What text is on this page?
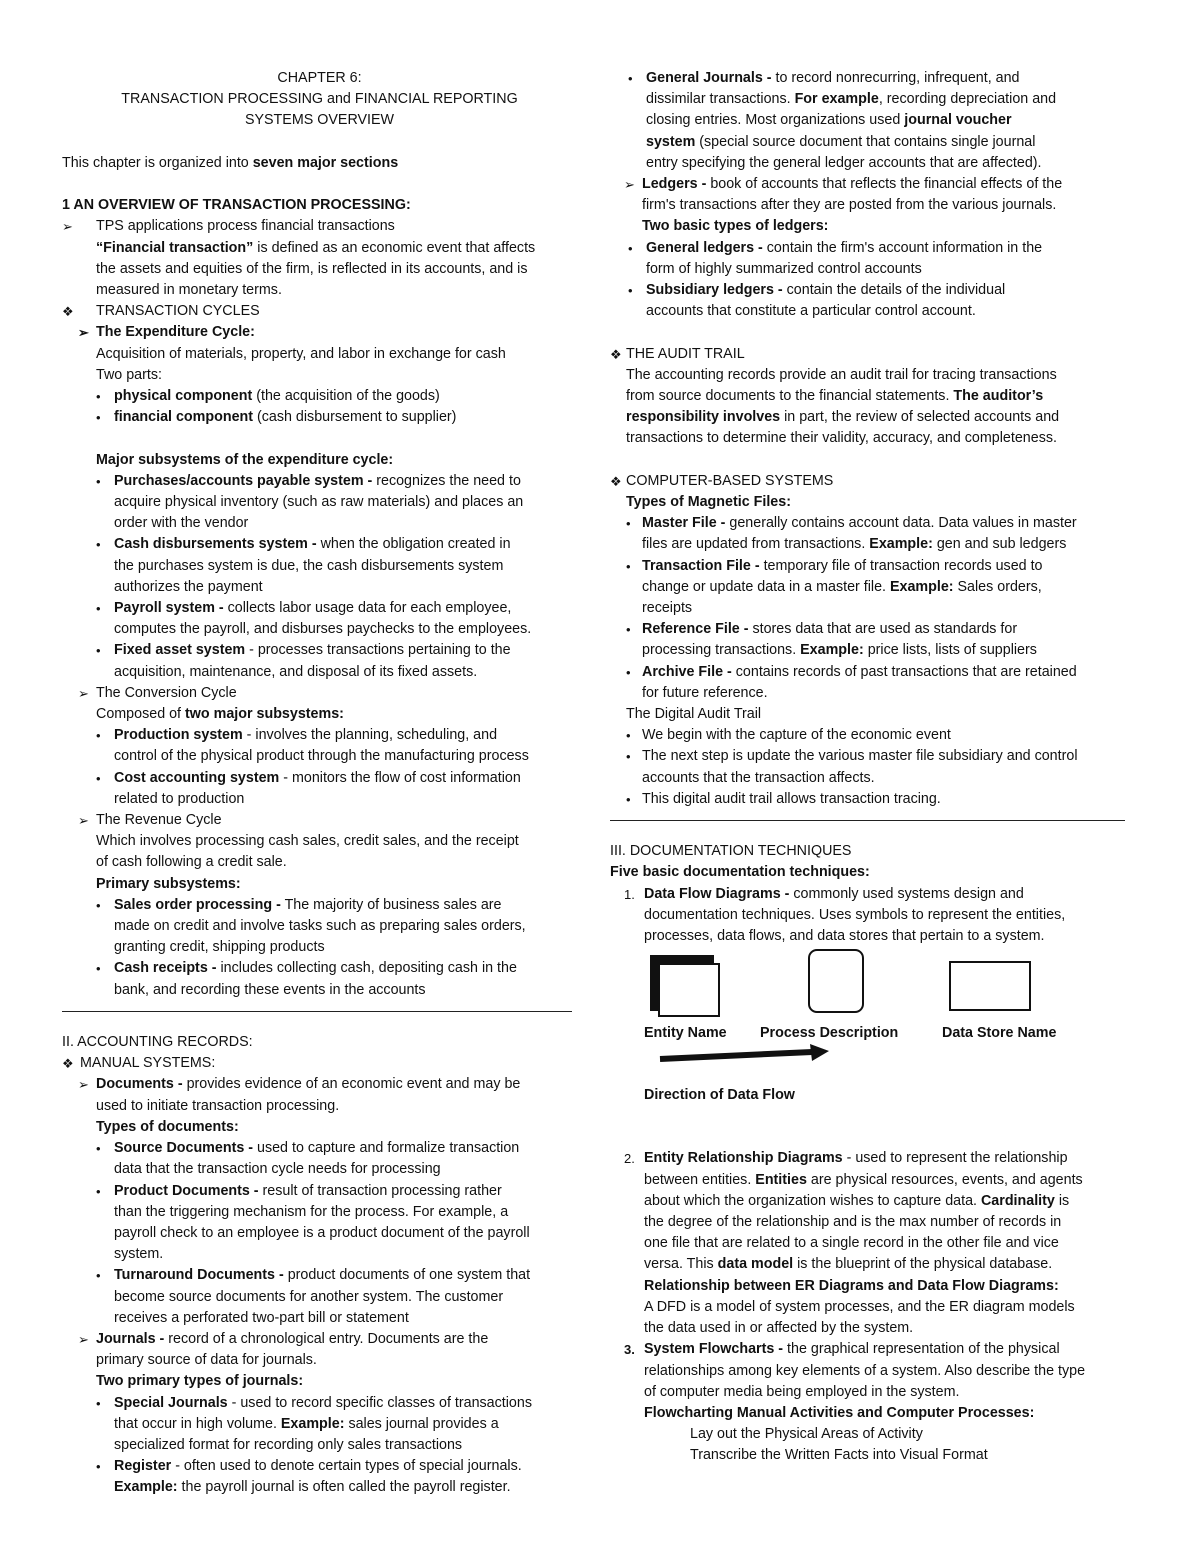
CHAPTER 6:
TRANSACTION PROCESSING and FINANCIAL REPORTING
SYSTEMS OVERVIEW
This chapter is organized into seven major sections
1 AN OVERVIEW OF TRANSACTION PROCESSING:
➢ TPS applications process financial transactions
“Financial transaction” is defined as an economic event that affects
the assets and equities of the firm, is reflected in its accounts, and is
measured in monetary terms.
❖ TRANSACTION CYCLES
➢ The Expenditure Cycle:
Acquisition of materials, property, and labor in exchange for cash
Two parts:
• physical component (the acquisition of the goods)
• financial component (cash disbursement to supplier)
Major subsystems of the expenditure cycle:
• Purchases/accounts payable system - recognizes the need to
acquire physical inventory (such as raw materials) and places an
order with the vendor
• Cash disbursements system - when the obligation created in
the purchases system is due, the cash disbursements system
authorizes the payment
• Payroll system - collects labor usage data for each employee,
computes the payroll, and disburses paychecks to the employees.
• Fixed asset system - processes transactions pertaining to the
acquisition, maintenance, and disposal of its fixed assets.
➢ The Conversion Cycle
Composed of two major subsystems:
• Production system - involves the planning, scheduling, and
control of the physical product through the manufacturing process
• Cost accounting system - monitors the flow of cost information
related to production
➢ The Revenue Cycle
Which involves processing cash sales, credit sales, and the receipt
of cash following a credit sale.
Primary subsystems:
• Sales order processing - The majority of business sales are
made on credit and involve tasks such as preparing sales orders,
granting credit, shipping products
• Cash receipts - includes collecting cash, depositing cash in the
bank, and recording these events in the accounts
II. ACCOUNTING RECORDS:
❖ MANUAL SYSTEMS:
➢ Documents - provides evidence of an economic event and may be
used to initiate transaction processing.
Types of documents:
• Source Documents - used to capture and formalize transaction
data that the transaction cycle needs for processing
• Product Documents - result of transaction processing rather
than the triggering mechanism for the process. For example, a
payroll check to an employee is a product document of the payroll
system.
• Turnaround Documents - product documents of one system that
become source documents for another system. The customer
receives a perforated two-part bill or statement
➢ Journals - record of a chronological entry. Documents are the
primary source of data for journals.
Two primary types of journals:
• Special Journals - used to record specific classes of transactions
that occur in high volume. Example: sales journal provides a
specialized format for recording only sales transactions
• Register - often used to denote certain types of special journals.
Example: the payroll journal is often called the payroll register.
• General Journals - to record nonrecurring, infrequent, and
dissimilar transactions. For example, recording depreciation and
closing entries. Most organizations used journal voucher
system (special source document that contains single journal
entry specifying the general ledger accounts that are affected).
➢ Ledgers - book of accounts that reflects the financial effects of the
firm's transactions after they are posted from the various journals.
Two basic types of ledgers:
• General ledgers - contain the firm's account information in the
form of highly summarized control accounts
• Subsidiary ledgers - contain the details of the individual
accounts that constitute a particular control account.
❖ THE AUDIT TRAIL
The accounting records provide an audit trail for tracing transactions
from source documents to the financial statements. The auditor’s
responsibility involves in part, the review of selected accounts and
transactions to determine their validity, accuracy, and completeness.
❖ COMPUTER-BASED SYSTEMS
Types of Magnetic Files:
• Master File - generally contains account data. Data values in master
files are updated from transactions. Example: gen and sub ledgers
• Transaction File - temporary file of transaction records used to
change or update data in a master file. Example: Sales orders,
receipts
• Reference File - stores data that are used as standards for
processing transactions. Example: price lists, lists of suppliers
• Archive File - contains records of past transactions that are retained
for future reference.
The Digital Audit Trail
• We begin with the capture of the economic event
• The next step is update the various master file subsidiary and control
accounts that the transaction affects.
• This digital audit trail allows transaction tracing.
III. DOCUMENTATION TECHNIQUES
Five basic documentation techniques:
1. Data Flow Diagrams - commonly used systems design and
documentation techniques. Uses symbols to represent the entities,
processes, data flows, and data stores that pertain to a system.
Entity Name Process Description	Data Store Name
Direction of Data Flow
2. Entity Relationship Diagrams - used to represent the relationship
between entities. Entities are physical resources, events, and agents
about which the organization wishes to capture data. Cardinality is
the degree of the relationship and is the max number of records in
one file that are related to a single record in the other file and vice
versa. This data model is the blueprint of the physical database.
Relationship between ER Diagrams and Data Flow Diagrams:
A DFD is a model of system processes, and the ER diagram models
the data used in or affected by the system.
3. System Flowcharts - the graphical representation of the physical
relationships among key elements of a system. Also describe the type
of computer media being employed in the system.
Flowcharting Manual Activities and Computer Processes:
Lay out the Physical Areas of Activity
Transcribe the Written Facts into Visual Format
